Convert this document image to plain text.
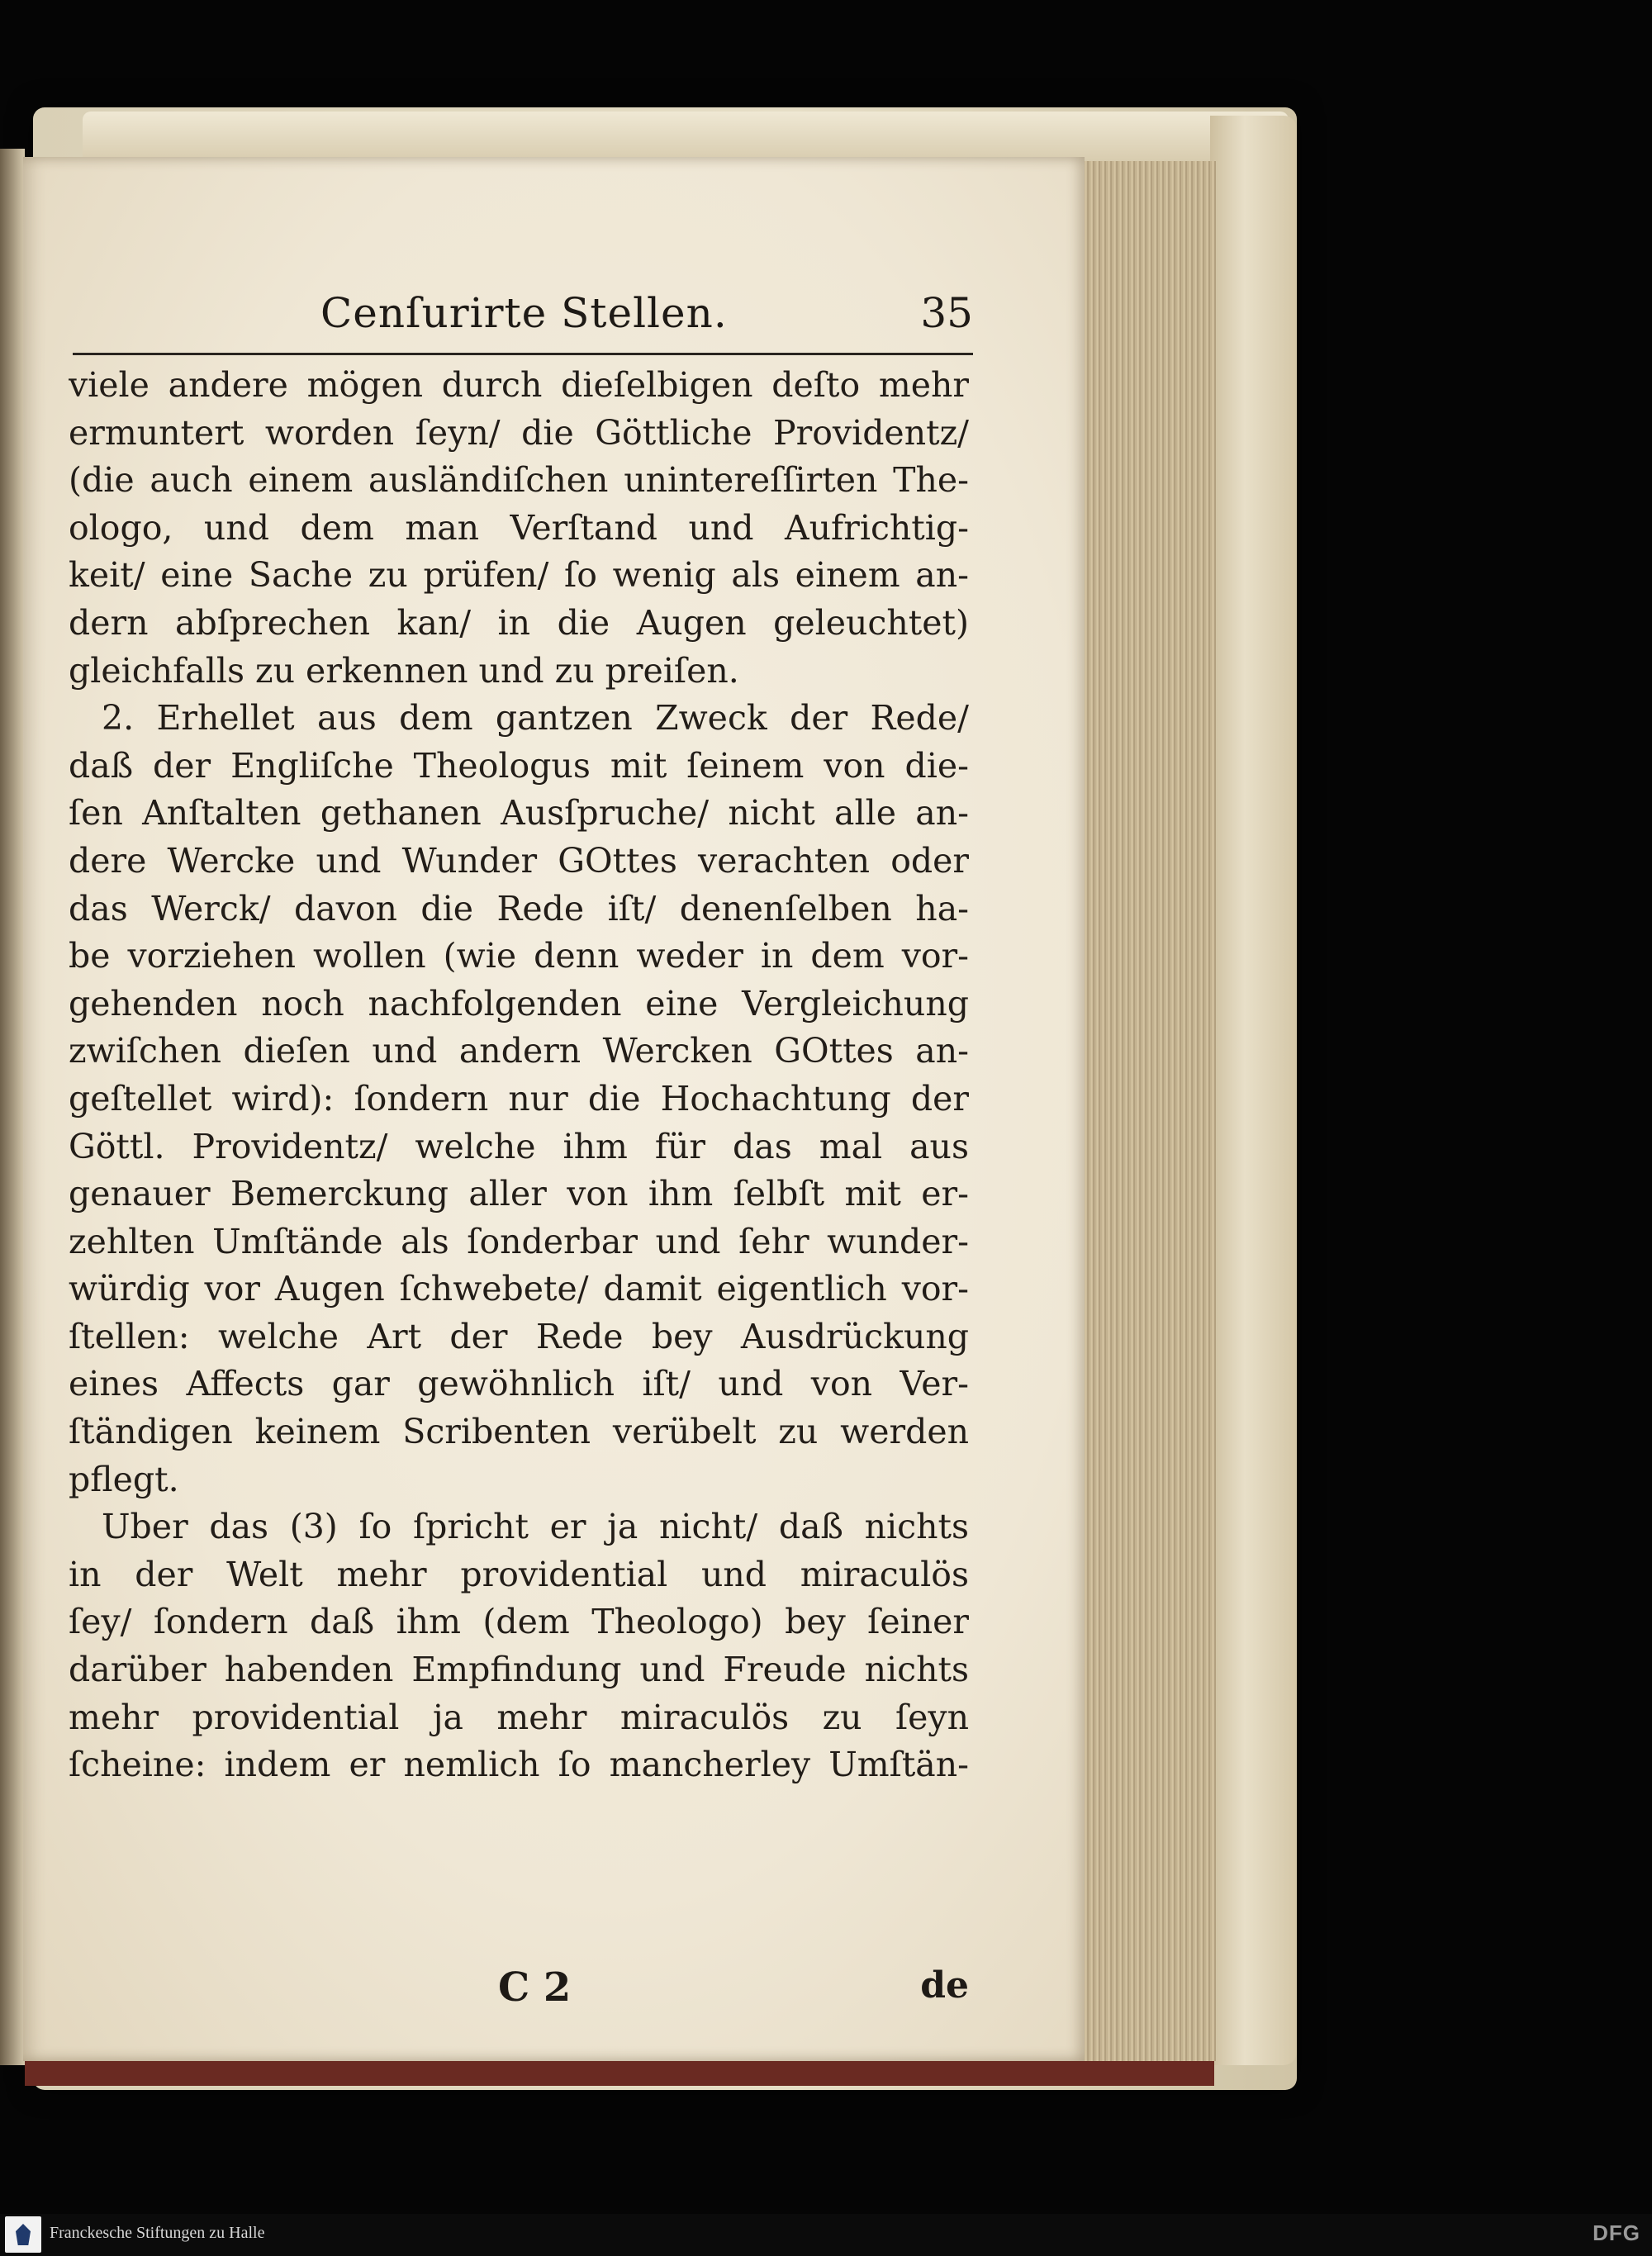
Cenſurirte Stellen.	35
viele andere mögen durch dieſelbigen deſto mehr
ermuntert worden ſeyn/ die Göttliche Providentz/
(die auch einem ausländiſchen unintereſſirten The-
ologo, und dem man Verſtand und Aufrichtig-
keit/ eine Sache zu prüfen/ ſo wenig als einem an-
dern abſprechen kan/ in die Augen geleuchtet)
gleichfalls zu erkennen und zu preiſen.
2. Erhellet aus dem gantzen Zweck der Rede/
daß der Engliſche Theologus mit ſeinem von die-
ſen Anſtalten gethanen Ausſpruche/ nicht alle an-
dere Wercke und Wunder GOttes verachten oder
das Werck/ davon die Rede iſt/ denenſelben ha-
be vorziehen wollen (wie denn weder in dem vor-
gehenden noch nachfolgenden eine Vergleichung
zwiſchen dieſen und andern Wercken GOttes an-
geſtellet wird): ſondern nur die Hochachtung der
Göttl. Providentz/ welche ihm für das mal aus
genauer Bemerckung aller von ihm ſelbſt mit er-
zehlten Umſtände als ſonderbar und ſehr wunder-
würdig vor Augen ſchwebete/ damit eigentlich vor-
ſtellen: welche Art der Rede bey Ausdrückung
eines Affects gar gewöhnlich iſt/ und von Ver-
ſtändigen keinem Scribenten verübelt zu werden
pflegt.
Uber das (3) ſo ſpricht er ja nicht/ daß nichts
in der Welt mehr providential und miraculös
ſey/ ſondern daß ihm (dem Theologo) bey ſeiner
darüber habenden Empfindung und Freude nichts
mehr providential ja mehr miraculös zu ſeyn
ſcheine: indem er nemlich ſo mancherley Umſtän-
C 2	de
Franckesche Stiftungen zu Halle	DFG
